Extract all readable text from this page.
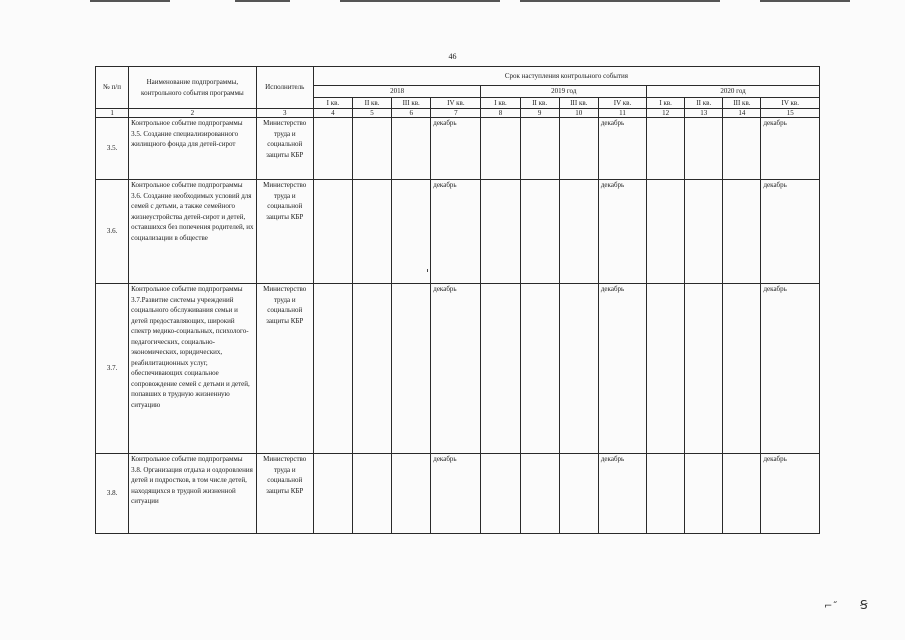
46
№ п/п	Наименование подпрограммы, контрольного события программы	Исполнитель	Срок наступления контрольного события											
			2018				2019 год				2020 год			
			I кв.	II кв.	III кв.	IV кв.	I кв.	II кв.	III кв.	IV кв.	I кв.	II кв.	III кв.	IV кв.
1	2	3	4	5	6	7	8	9	10	11	12	13	14	15
3.5.	Контрольное событие подпрограммы 3.5. Создание специализированного жилищного фонда для детей-сирот	Министерство труда и социальной защиты КБР				декабрь				декабрь				декабрь
3.6.	Контрольное событие подпрограммы 3.6. Создание необходимых условий для семей с детьми, а также семейного жизнеустройства детей-сирот и детей, оставшихся без попечения родителей, их социализации в обществе	Министерство труда и социальной защиты КБР				декабрь				декабрь				декабрь
3.7.	Контрольное событие подпрограммы 3.7.Развитие системы учреждений социального обслуживания семьи и детей предоставляющих, широкий спектр медико-социальных, психолого-педагогических, социально-экономических, юридических, реабилитационных услуг, обеспечивающих социальное сопровождение семей с детьми и детей, попавших в трудную жизненную ситуацию	Министерство труда и социальной защиты КБР				декабрь				декабрь				декабрь
3.8.	Контрольное событие подпрограммы 3.8. Организация отдыха и оздоровления детей и подростков, в том числе детей, находящихся в трудной жизненной ситуации	Министерство труда и социальной защиты КБР				декабрь				декабрь				декабрь
⌐˝ Ꞩ
